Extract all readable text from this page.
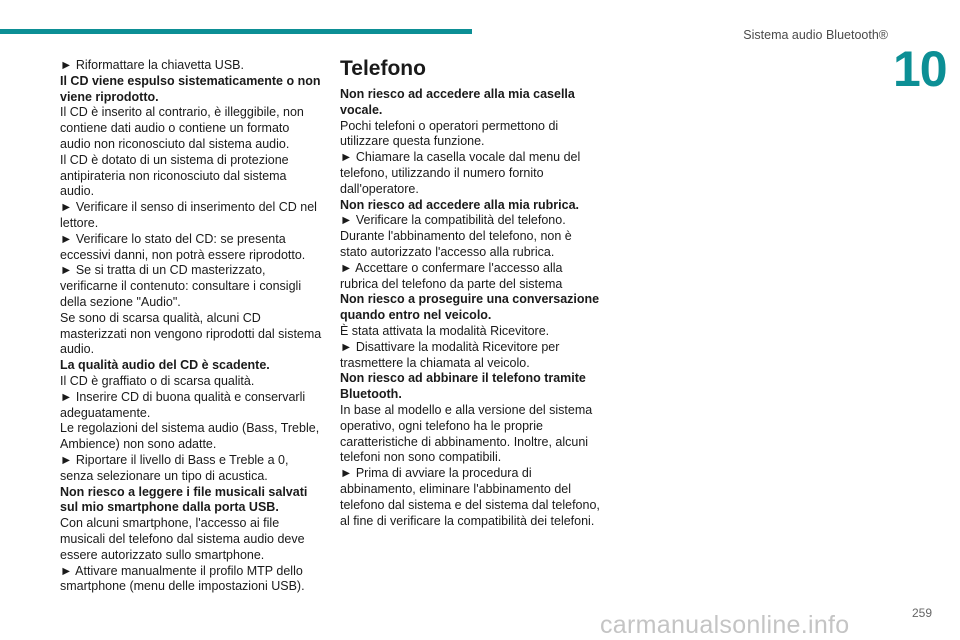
Sistema audio Bluetooth®
10

► Riformattare la chiavetta USB.

Il CD viene espulso sistematicamente o non viene riprodotto.

Il CD è inserito al contrario, è illeggibile, non contiene dati audio o contiene un formato audio non riconosciuto dal sistema audio.

Il CD è dotato di un sistema di protezione antipirateria non riconosciuto dal sistema audio.

► Verificare il senso di inserimento del CD nel lettore.

► Verificare lo stato del CD: se presenta eccessivi danni, non potrà essere riprodotto.

► Se si tratta di un CD masterizzato, verificarne il contenuto: consultare i consigli della sezione "Audio".

Se sono di scarsa qualità, alcuni CD masterizzati non vengono riprodotti dal sistema audio.

La qualità audio del CD è scadente.

Il CD è graffiato o di scarsa qualità.

► Inserire CD di buona qualità e conservarli adeguatamente.

Le regolazioni del sistema audio (Bass, Treble, Ambience) non sono adatte.

► Riportare il livello di Bass e Treble a 0, senza selezionare un tipo di acustica.

Non riesco a leggere i file musicali salvati sul mio smartphone dalla porta USB.

Con alcuni smartphone, l'accesso ai file musicali del telefono dal sistema audio deve essere autorizzato sullo smartphone.

► Attivare manualmente il profilo MTP dello smartphone (menu delle impostazioni USB).

Telefono

Non riesco ad accedere alla mia casella vocale.

Pochi telefoni o operatori permettono di utilizzare questa funzione.

► Chiamare la casella vocale dal menu del telefono, utilizzando il numero fornito dall'operatore.

Non riesco ad accedere alla mia rubrica.

► Verificare la compatibilità del telefono.

Durante l'abbinamento del telefono, non è stato autorizzato l'accesso alla rubrica.

► Accettare o confermare l'accesso alla rubrica del telefono da parte del sistema

Non riesco a proseguire una conversazione quando entro nel veicolo.

È stata attivata la modalità Ricevitore.

► Disattivare la modalità Ricevitore per trasmettere la chiamata al veicolo.

Non riesco ad abbinare il telefono tramite Bluetooth.

In base al modello e alla versione del sistema operativo, ogni telefono ha le proprie caratteristiche di abbinamento. Inoltre, alcuni telefoni non sono compatibili.

► Prima di avviare la procedura di abbinamento, eliminare l'abbinamento del telefono dal sistema e del sistema dal telefono, al fine di verificare la compatibilità dei telefoni.

259
carmanualsonline.info
